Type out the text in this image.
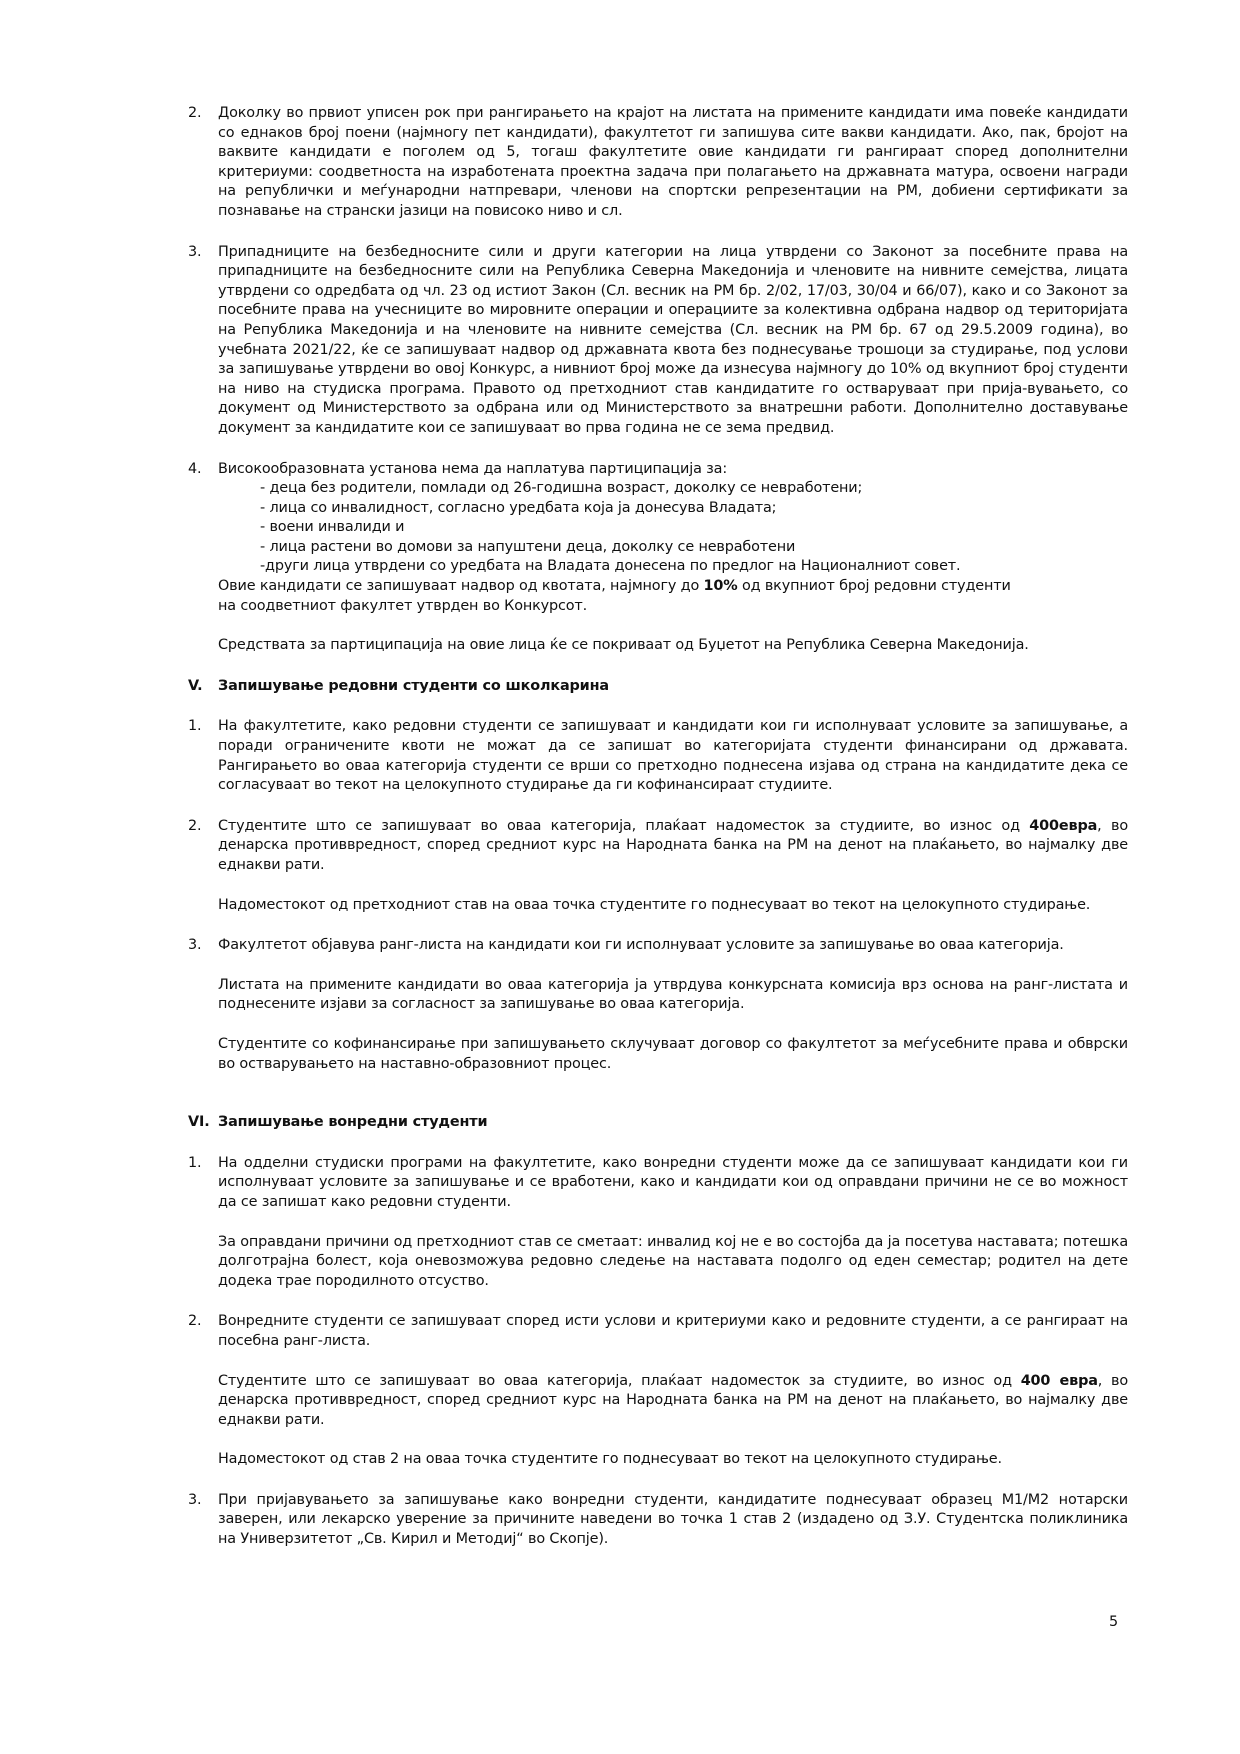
2.	Доколку во првиот уписен рок при рангирањето на крајот на листата на примените кандидати има повеќе кандидати со еднаков број поени (најмногу пет кандидати), факултетот ги запишува сите вакви кандидати. Ако, пак, бројот на ваквите кандидати е поголем од 5, тогаш факултетите овие кандидати ги рангираат според дополнителни критериуми: соодветноста на изработената проектна задача при полагањето на државната матура, освоени награди на републички и меѓународни натпревари, членови на спортски репрезентации на РМ, добиени сертификати за познавање на странски јазици на повисоко ниво и сл.

3.	Припадниците на безбедносните сили и други категории на лица утврдени со Законот за посебните права на припадниците на безбедносните сили на Република Северна Македонија и членовите на нивните семејства, лицата утврдени со одредбата од чл. 23 од истиот Закон (Сл. весник на РМ бр. 2/02, 17/03, 30/04 и 66/07), како и со Законот за посебните права на учесниците во мировните операции и операциите за колективна одбрана надвор од територијата на Република Македонија и на членовите на нивните семејства (Сл. весник на РМ бр. 67 од 29.5.2009 година), во учебната 2021/22, ќе се запишуваат надвор од државната квота без поднесување трошоци за студирање, под услови за запишување утврдени во овој Конкурс, а нивниот број може да изнесува најмногу до 10% од вкупниот број студенти на ниво на студиска програма. Правото од претходниот став кандидатите го остваруваат при прија-вувањето, со документ од Министерството за одбрана или од Министерството за внатрешни работи. Дополнително доставување документ за кандидатите кои се запишуваат во прва година не се зема предвид.

4.	Високообразовната установа нема да наплатува партиципација за:

- деца без родители, помлади од 26-годишна возраст, доколку се невработени;

- лица со инвалидност, согласно уредбата која ја донесува Владата;

- воени инвалиди и

- лица растени во домови за напуштени деца, доколку се невработени

-други лица утврдени со уредбата на Владата донесена по предлог на Националниот совет.

Овие кандидати се запишуваат надвор од квотата, најмногу до 10% од вкупниот број редовни студенти

на соодветниот факултет утврден во Конкурсот.

Средствата за партиципација на овие лица ќе се покриваат од Буџетот на Република Северна Македонија.

V.	Запишување редовни студенти со школкарина
1.	На факултетите, како редовни студенти се запишуваат и кандидати кои ги исполнуваат условите за запишување, а поради ограничените квоти не можат да се запишат во категоријата студенти финансирани од државата. Рангирањето во оваа категорија студенти се врши со претходно поднесена изјава од страна на кандидатите дека се согласуваат во текот на целокупното студирање да ги кофинансираат студиите.

2.	Студентите што се запишуваат во оваа категорија, плаќаат надоместок за студиите, во износ од 400евра, во денарска противвредност, според средниот курс на Народната банка на РМ на денот на плаќањето, во најмалку две еднакви рати.

Надоместокот од претходниот став на оваа точка студентите го поднесуваат во текот на целокупното студирање.

3.	Факултетот објавува ранг-листа на кандидати кои ги исполнуваат условите за запишување во оваа категорија.

Листата на примените кандидати во оваа категорија ја утврдува конкурсната комисија врз основа на ранг-листата и поднесените изјави за согласност за запишување во оваа категорија.

Студентите со кофинансирање при запишувањето склучуваат договор со факултетот за меѓусебните права и обврски во остварувањето на наставно-образовниот процес.

VI. Запишување вонредни студенти
1.	На одделни студиски програми на факултетите, како вонредни студенти може да се запишуваат кандидати кои ги исполнуваат условите за запишување и се вработени, како и кандидати кои од оправдани причини не се во можност да се запишат како редовни студенти.

За оправдани причини од претходниот став се сметаат: инвалид кој не е во состојба да ја посетува наставата; потешка долготрајна болест, која оневозможува редовно следење на наставата подолго од еден семестар; родител на дете додека трае породилното отсуство.

2.	Вонредните студенти се запишуваат според исти услови и критериуми како и редовните студенти, а се рангираат на посебна ранг-листа.

Студентите што се запишуваат во оваа категорија, плаќаат надоместок за студиите, во износ од 400 евра, во денарска противвредност, според средниот курс на Народната банка на РМ на денот на плаќањето, во најмалку две еднакви рати.

Надоместокот од став 2 на оваа точка студентите го поднесуваат во текот на целокупното студирање.

3.	При пријавувањето за запишување како вонредни студенти, кандидатите поднесуваат образец М1/М2 нотарски заверен, или лекарско уверение за причините наведени во точка 1 став 2 (издадено од З.У. Студентска поликлиника на Универзитетот „Св. Кирил и Методиј“ во Скопје).

5
